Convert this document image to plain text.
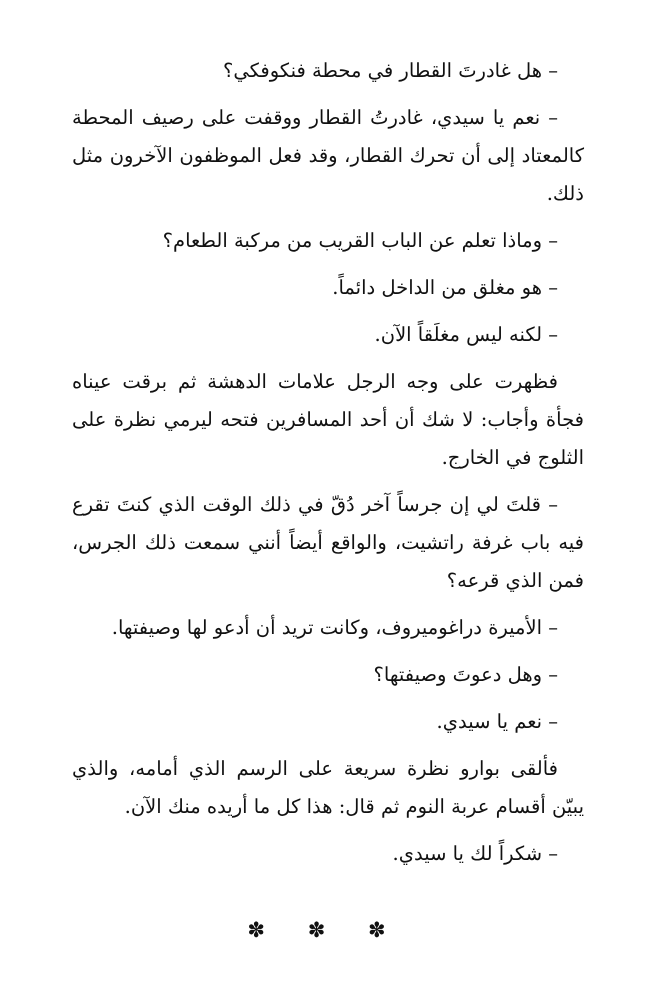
– هل غادرتَ القطار في محطة فنكوفكي؟

– نعم يا سيدي، غادرتُ القطار ووقفت على رصيف المحطة كالمعتاد إلى أن تحرك القطار، وقد فعل الموظفون الآخرون مثل ذلك.

– وماذا تعلم عن الباب القريب من مركبة الطعام؟

– هو مغلق من الداخل دائماً.

– لكنه ليس مغلَقاً الآن.

فظهرت على وجه الرجل علامات الدهشة ثم برقت عيناه فجأة وأجاب: لا شك أن أحد المسافرين فتحه ليرمي نظرة على الثلوج في الخارج.

– قلتَ لي إن جرساً آخر دُقّ في ذلك الوقت الذي كنتَ تقرع فيه باب غرفة راتشيت، والواقع أيضاً أنني سمعت ذلك الجرس، فمن الذي قرعه؟

– الأميرة دراغوميروف، وكانت تريد أن أدعو لها وصيفتها.

– وهل دعوتَ وصيفتها؟

– نعم يا سيدي.

فألقى بوارو نظرة سريعة على الرسم الذي أمامه، والذي يبيّن أقسام عربة النوم ثم قال: هذا كل ما أريده منك الآن.

– شكراً لك يا سيدي.

✽ ✽ ✽
